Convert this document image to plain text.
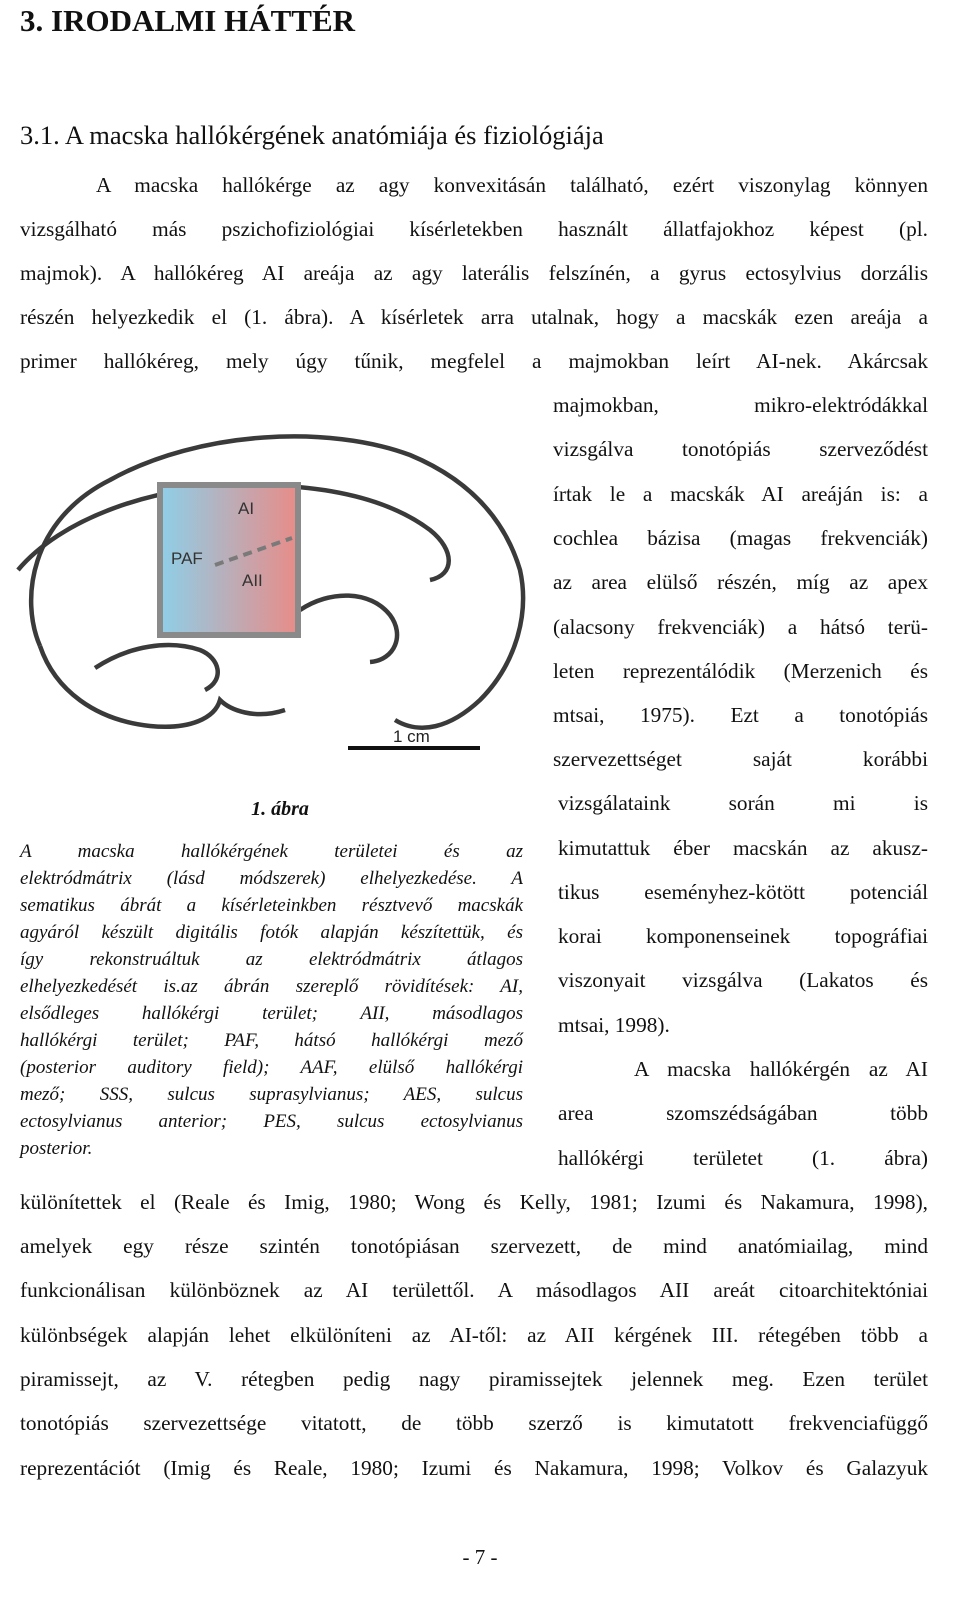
3. IRODALMI HÁTTÉR
3.1. A macska hallókérgének anatómiája és fiziológiája
A macska hallókérge az agy konvexitásán található, ezért viszonylag könnyen
vizsgálható más pszichofiziológiai kísérletekben használt állatfajokhoz képest (pl.
majmok). A hallókéreg AI areája az agy laterális felszínén, a gyrus ectosylvius dorzális
részén helyezkedik el (1. ábra). A kísérletek arra utalnak, hogy a macskák ezen areája a
primer hallókéreg, mely úgy tűnik, megfelel a majmokban leírt AI-nek. Akárcsak
majmokban, mikro-elektródákkal
vizsgálva tonotópiás szerveződést
írtak le a macskák AI areáján is: a
cochlea bázisa (magas frekvenciák)
az area elülső részén, míg az apex
(alacsony frekvenciák) a hátsó terü-
leten reprezentálódik (Merzenich és
mtsai, 1975). Ezt a tonotópiás
szervezettséget saját korábbi
vizsgálataink során mi is
kimutattuk éber macskán az akusz-
tikus eseményhez-kötött potenciál
korai komponenseinek topográfiai
viszonyait vizsgálva (Lakatos és
mtsai, 1998).
A macska hallókérgén az AI
area szomszédságában több
hallókérgi területet (1. ábra)
AI
PAF
AII
1 cm
1. ábra
A macska hallókérgének területei és az
elektródmátrix (lásd módszerek) elhelyezkedése. A
sematikus ábrát a kísérleteinkben résztvevő macskák
agyáról készült digitális fotók alapján készítettük, és
így rekonstruáltuk az elektródmátrix átlagos
elhelyezkedését is.az ábrán szereplő rövidítések: AI,
elsődleges hallókérgi terület; AII, másodlagos
hallókérgi terület; PAF, hátsó hallókérgi mező
(posterior auditory field); AAF, elülső hallókérgi
mező; SSS, sulcus suprasylvianus; AES, sulcus
ectosylvianus anterior; PES, sulcus ectosylvianus
posterior.
különítettek el (Reale és Imig, 1980; Wong és Kelly, 1981; Izumi és Nakamura, 1998),
amelyek egy része szintén tonotópiásan szervezett, de mind anatómiailag, mind
funkcionálisan különböznek az AI területtől. A másodlagos AII areát citoarchitektóniai
különbségek alapján lehet elkülöníteni az AI-től: az AII kérgének III. rétegében több a
piramissejt, az V. rétegben pedig nagy piramissejtek jelennek meg. Ezen terület
tonotópiás szervezettsége vitatott, de több szerző is kimutatott frekvenciafüggő
reprezentációt (Imig és Reale, 1980; Izumi és Nakamura, 1998; Volkov és Galazyuk
- 7 -
